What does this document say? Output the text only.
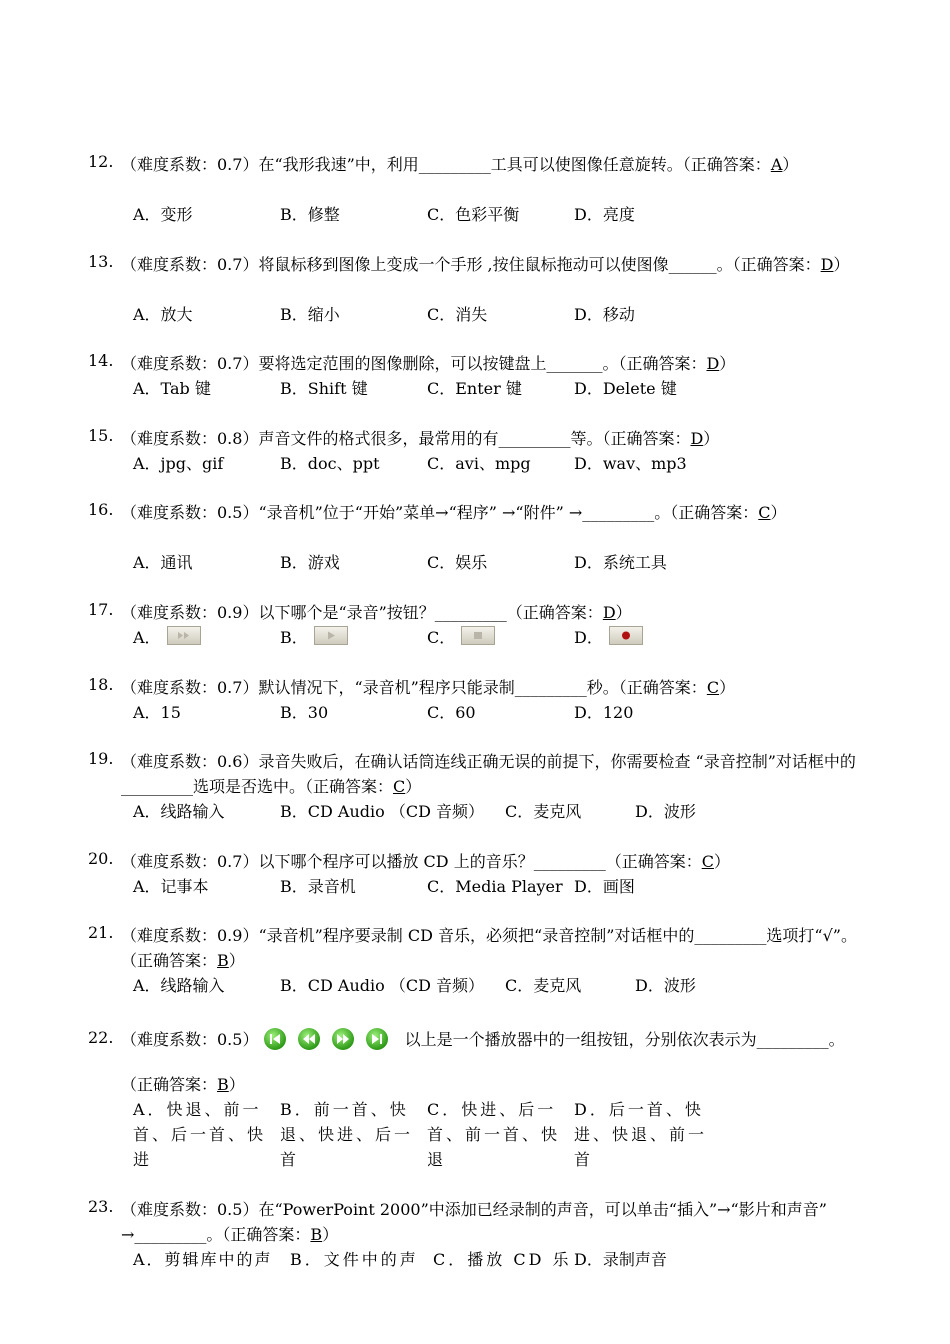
12. （难度系数：0.7）在“我形我速”中，利用_________工具可以使图像任意旋转。（正确答案：A）
A．变形	B．修整	C．色彩平衡	D．亮度
13. （难度系数：0.7）将鼠标移到图像上变成一个手形 ,按住鼠标拖动可以使图像______。（正确答案：D）
A．放大	B．缩小	C．消失	D．移动
14. （难度系数：0.7）要将选定范围的图像删除，可以按键盘上_______。（正确答案：D）
A．Tab 键	B．Shift 键	C．Enter 键	D．Delete 键
15. （难度系数：0.8）声音文件的格式很多，最常用的有_________等。（正确答案：D）
A．jpg、gif	B．doc、ppt	C．avi、mpg	D．wav、mp3
16. （难度系数：0.5）“录音机”位于“开始”菜单→“程序” →“附件” →_________。（正确答案：C）
A．通讯	B．游戏	C．娱乐	D．系统工具
17. （难度系数：0.9）以下哪个是“录音”按钮？_________（正确答案：D）
A．	B．	C．	D．
18. （难度系数：0.7）默认情况下，“录音机”程序只能录制_________秒。（正确答案：C）
A．15	B．30	C．60	D．120
19. （难度系数：0.6）录音失败后，在确认话筒连线正确无误的前提下，你需要检查 “录音控制”对话框中的_________选项是否选中。（正确答案：C）
A．线路输入	B．CD Audio （CD 音频） C．麦克风	D．波形
20. （难度系数：0.7）以下哪个程序可以播放 CD 上的音乐？_________（正确答案：C）
A．记事本	B．录音机	C．Media Player D．画图
21. （难度系数：0.9）“录音机”程序要录制 CD 音乐，必须把“录音控制”对话框中的_________选项打“√”。（正确答案：B）
A．线路输入	B．CD Audio （CD 音频） C．麦克风	D．波形
22. （难度系数：0.5）	以上是一个播放器中的一组按钮，分别依次表示为_________。
（正确答案：B）
A．快退、前一首、后一首、快进
B．前一首、快退、快进、后一首
C．快进、后一首、前一首、快退
D．后一首、快进、快退、前一首
23. （难度系数：0.5）在“PowerPoint 2000”中添加已经录制的声音，可以单击“插入”→“影片和声音” →_________。（正确答案：B）
A．剪辑库中的声 B．文件中的声 C．播放 CD 乐 D．录制声音
